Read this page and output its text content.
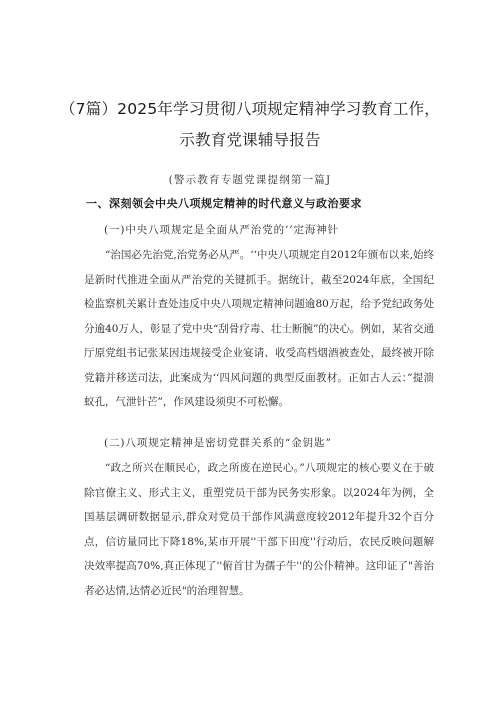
（7篇）2025年学习贯彻八项规定精神学习教育工作，
示教育党课辅导报告
(警示教育专题党课提纲第一篇J
一、深刻领会中央八项规定精神的时代意义与政治要求
(一)中央八项规定是全面从严治党的‘’定海神针
“治国必先治党,治党务必从严。‘‘中央八项规定自2012年颁布以来,始终是新时代推进全面从严治党的关键抓手。据统计，截至2024年底，全国纪检监察机关累计查处违反中央八项规定精神问题逾80万起，给予党纪政务处分逾40万人，彰显了党中央“刮骨疗毒、壮士断腕”的决心。例如，某省交通厅原党组书记张某因违规接受企业宴请、收受高档烟酒被查处，最终被开除党籍并移送司法，此案成为‘‘四风问题的典型反面教材。正如古人云：”提溃蚁孔，气泄针芒”，作风建设须臾不可松懈。
(二)八项规定精神是密切党群关系的“金钥匙”
“政之所兴在顺民心，政之所废在逆民心。”八项规定的核心要义在于破除官僚主义、形式主义，重塑党员干部为民务实形象。以2024年为例，全国基层调研数据显示,群众对党员干部作风满意度较2012年提升32个百分点，信访量同比下降18%,某市开展''干部下田度''行动后，农民反映问题解决效率提高70%,真正体现了''俯首甘为孺子牛''的公仆精神。这印证了"善治者必达情,达情必近民"的治理智慧。
